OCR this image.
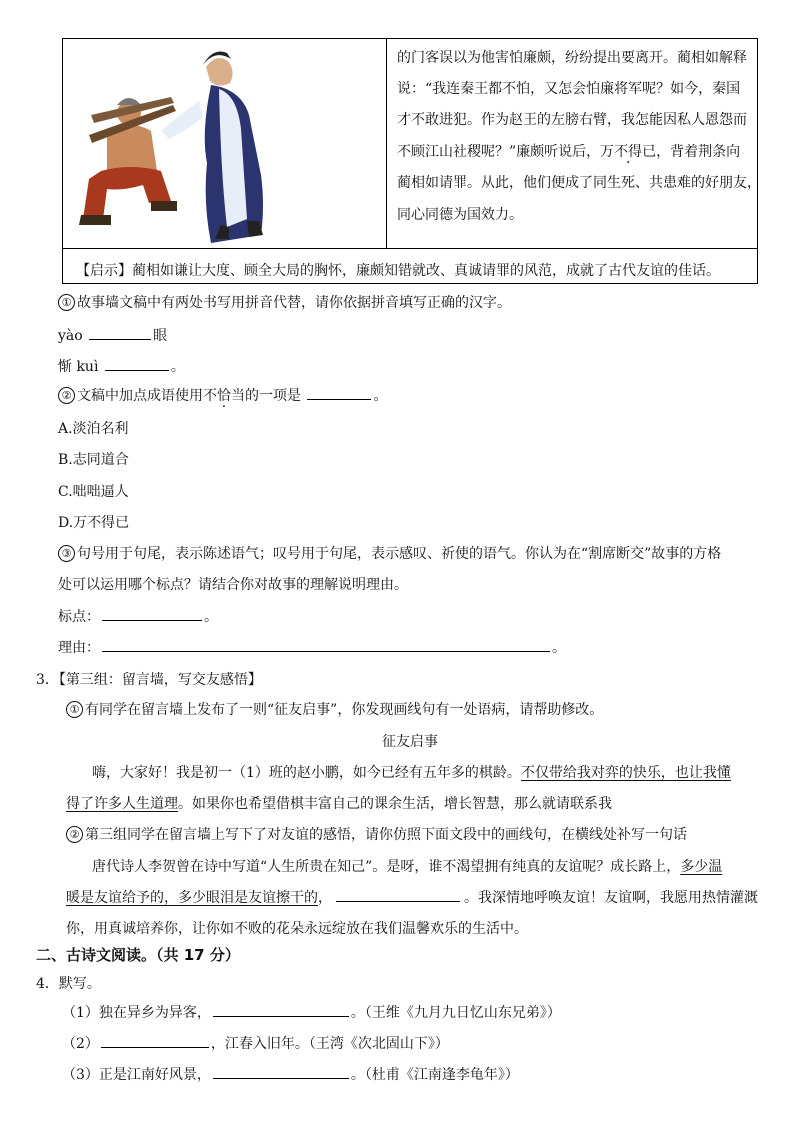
的门客误以为他害怕廉颇，纷纷提出要离开。蔺相如解释
说：“我连秦王都不怕，又怎会怕廉将军呢？如今，秦国
才不敢进犯。作为赵王的左膀右臂，我怎能因私人恩怨而
不顾江山社稷呢？”廉颇听说后，万不得已，背着荆条向
蔺相如请罪。从此，他们便成了同生死、共患难的好朋友，
同心同德为国效力。
【启示】蔺相如谦让大度、顾全大局的胸怀，廉颇知错就改、真诚请罪的风范，成就了古代友谊的佳话。
① 故事墙文稿中有两处书写用拼音代替，请你依据拼音填写正确的汉字。
yào	眼
惭 kuì	。
② 文稿中加点成语使用不恰当的一项是	。
A.淡泊名利
B.志同道合
C.咄咄逼人
D.万不得已
③ 句号用于句尾，表示陈述语气；叹号用于句尾，表示感叹、祈使的语气。你认为在“割席断交”故事的方格
处可以运用哪个标点？请结合你对故事的理解说明理由。
标点：	。
理由：	。
3．【第三组：留言墙，写交友感悟】
① 有同学在留言墙上发布了一则“征友启事”，你发现画线句有一处语病，请帮助修改。
征友启事
嗨，大家好！我是初一（1）班的赵小鹏，如今已经有五年多的棋龄。不仅带给我对弈的快乐，也让我懂
得了许多人生道理。如果你也希望借棋丰富自己的课余生活，增长智慧，那么就请联系我
② 第三组同学在留言墙上写下了对友谊的感悟，请你仿照下面文段中的画线句，在横线处补写一句话
唐代诗人李贺曾在诗中写道“人生所贵在知己”。是呀，谁不渴望拥有纯真的友谊呢？成长路上，多少温
暖是友谊给予的，多少眼泪是友谊擦干的，	。我深情地呼唤友谊！友谊啊，我愿用热情灌溉
你，用真诚培养你，让你如不败的花朵永远绽放在我们温馨欢乐的生活中。
二、古诗文阅读。（共 17 分）
4．默写。
（1）独在异乡为异客，	。（王维《九月九日忆山东兄弟》）
（2）	，江春入旧年。（王湾《次北固山下》）
（3）正是江南好风景，	。（杜甫《江南逢李龟年》）
